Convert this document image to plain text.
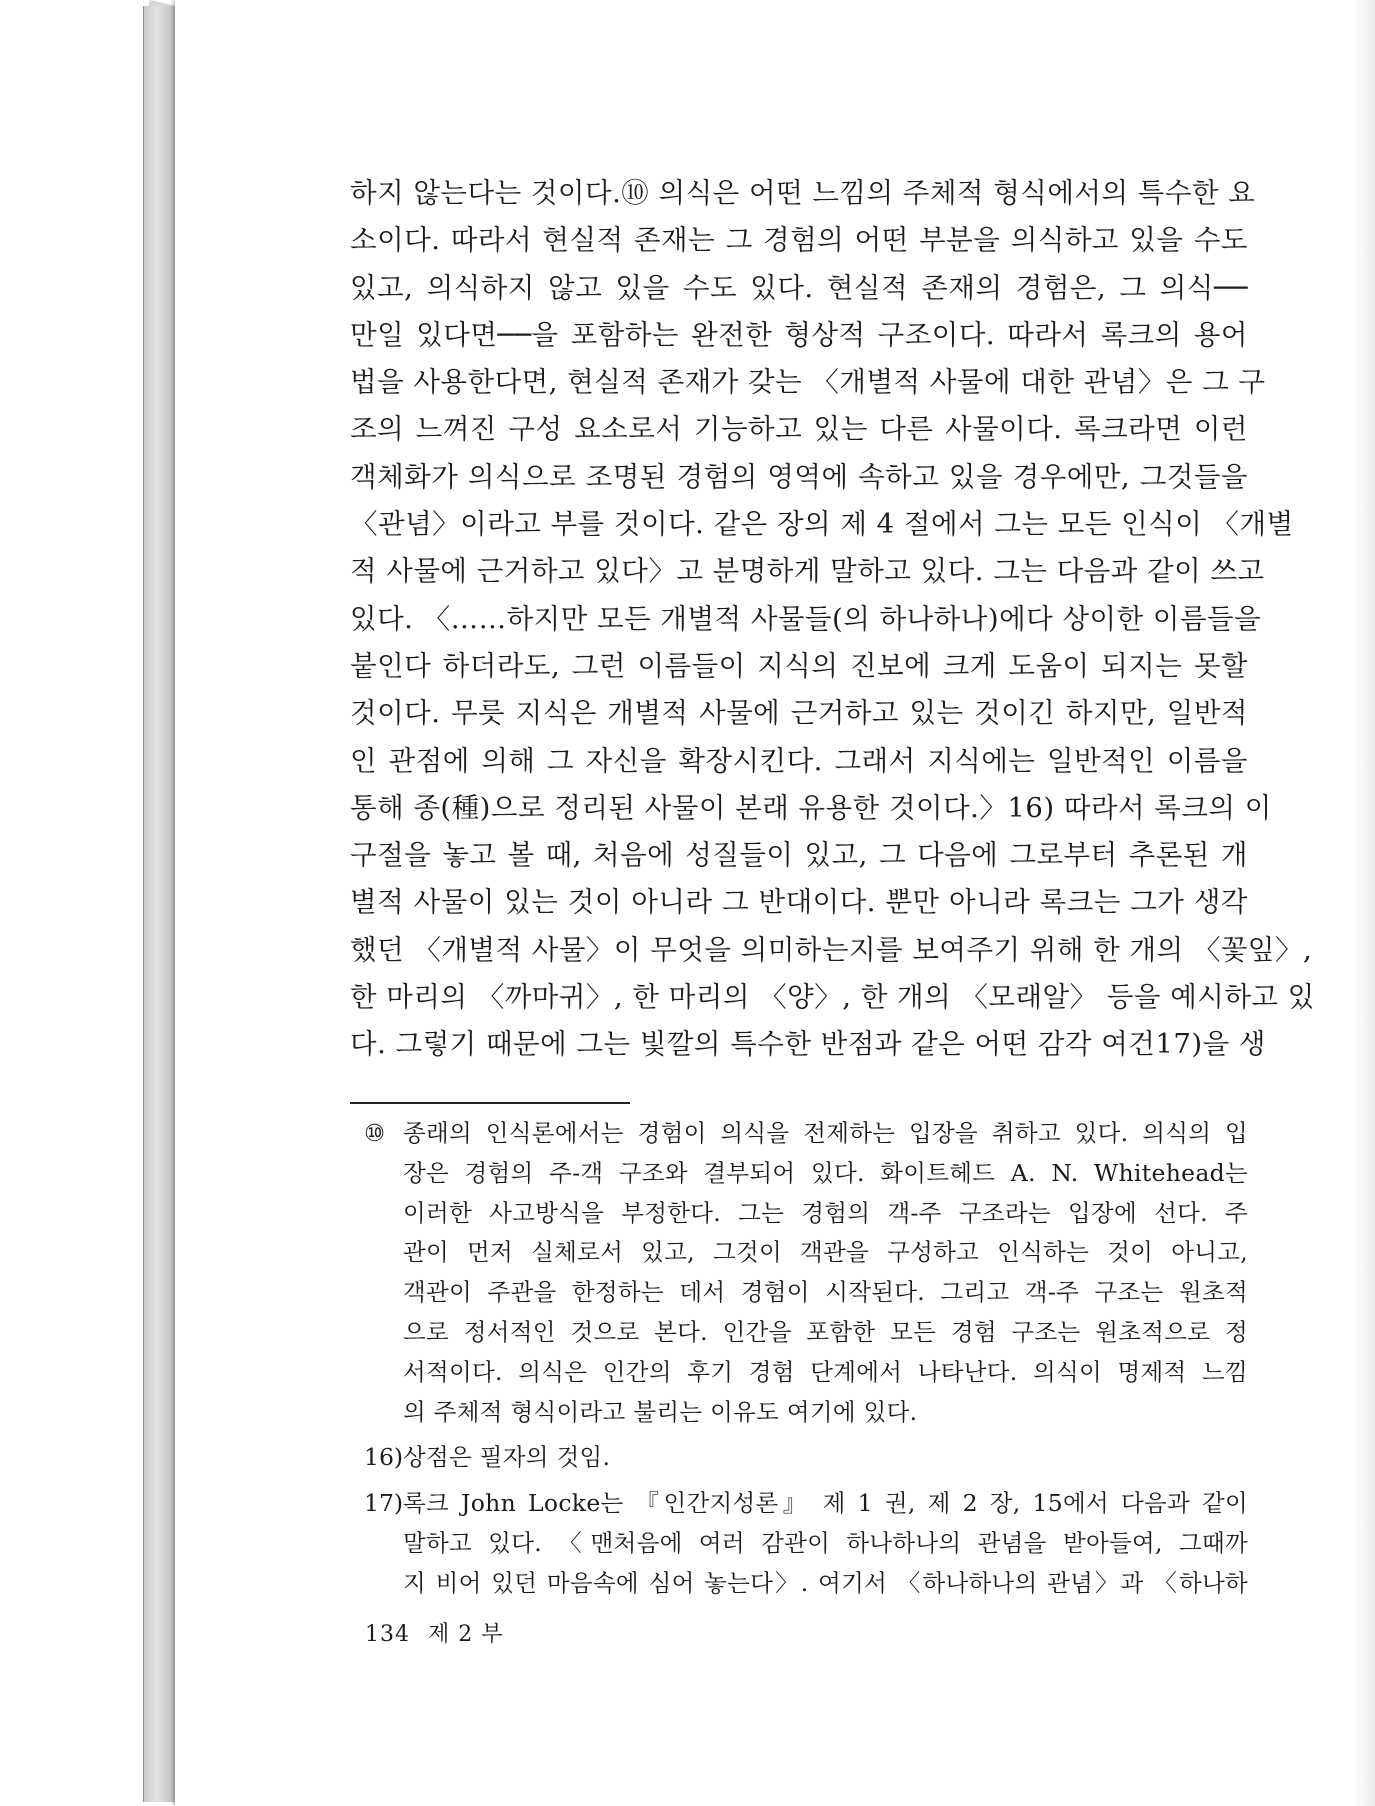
하지 않는다는 것이다.⑩ 의식은 어떤 느낌의 주체적 형식에서의 특수한 요
소이다. 따라서 현실적 존재는 그 경험의 어떤 부분을 의식하고 있을 수도
있고, 의식하지 않고 있을 수도 있다. 현실적 존재의 경험은, 그 의식──
만일 있다면──을 포함하는 완전한 형상적 구조이다. 따라서 록크의 용어
법을 사용한다면, 현실적 존재가 갖는 〈개별적 사물에 대한 관념〉은 그 구
조의 느껴진 구성 요소로서 기능하고 있는 다른 사물이다. 록크라면 이런
객체화가 의식으로 조명된 경험의 영역에 속하고 있을 경우에만, 그것들을
〈관념〉이라고 부를 것이다. 같은 장의 제 4 절에서 그는 모든 인식이 〈개별
적 사물에 근거하고 있다〉고 분명하게 말하고 있다. 그는 다음과 같이 쓰고
있다. 〈……하지만 모든 개별적 사물들(의 하나하나)에다 상이한 이름들을
붙인다 하더라도, 그런 이름들이 지식의 진보에 크게 도움이 되지는 못할
것이다. 무릇 지식은 개별적 사물에 근거하고 있는 것이긴 하지만, 일반적
인 관점에 의해 그 자신을 확장시킨다. 그래서 지식에는 일반적인 이름을
통해 종(種)으로 정리된 사물이 본래 유용한 것이다.〉16) 따라서 록크의 이
구절을 놓고 볼 때, 처음에 성질들이 있고, 그 다음에 그로부터 추론된 개
별적 사물이 있는 것이 아니라 그 반대이다. 뿐만 아니라 록크는 그가 생각
했던 〈개별적 사물〉이 무엇을 의미하는지를 보여주기 위해 한 개의 〈꽃잎〉,
한 마리의 〈까마귀〉, 한 마리의 〈양〉, 한 개의 〈모래알〉 등을 예시하고 있
다. 그렇기 때문에 그는 빛깔의 특수한 반점과 같은 어떤 감각 여건17)을 생
⑩ 종래의 인식론에서는 경험이 의식을 전제하는 입장을 취하고 있다. 의식의 입
장은 경험의 주-객 구조와 결부되어 있다. 화이트헤드 A. N. Whitehead는
이러한 사고방식을 부정한다. 그는 경험의 객-주 구조라는 입장에 선다. 주
관이 먼저 실체로서 있고, 그것이 객관을 구성하고 인식하는 것이 아니고,
객관이 주관을 한정하는 데서 경험이 시작된다. 그리고 객-주 구조는 원초적
으로 정서적인 것으로 본다. 인간을 포함한 모든 경험 구조는 원초적으로 정
서적이다. 의식은 인간의 후기 경험 단계에서 나타난다. 의식이 명제적 느낌
의 주체적 형식이라고 불리는 이유도 여기에 있다.
16) 상점은 필자의 것임.
17) 록크 John Locke는 『인간지성론』 제 1 권, 제 2 장, 15에서 다음과 같이
말하고 있다. 〈맨처음에 여러 감관이 하나하나의 관념을 받아들여, 그때까
지 비어 있던 마음속에 심어 놓는다〉. 여기서 〈하나하나의 관념〉과 〈하나하
134 제 2 부
